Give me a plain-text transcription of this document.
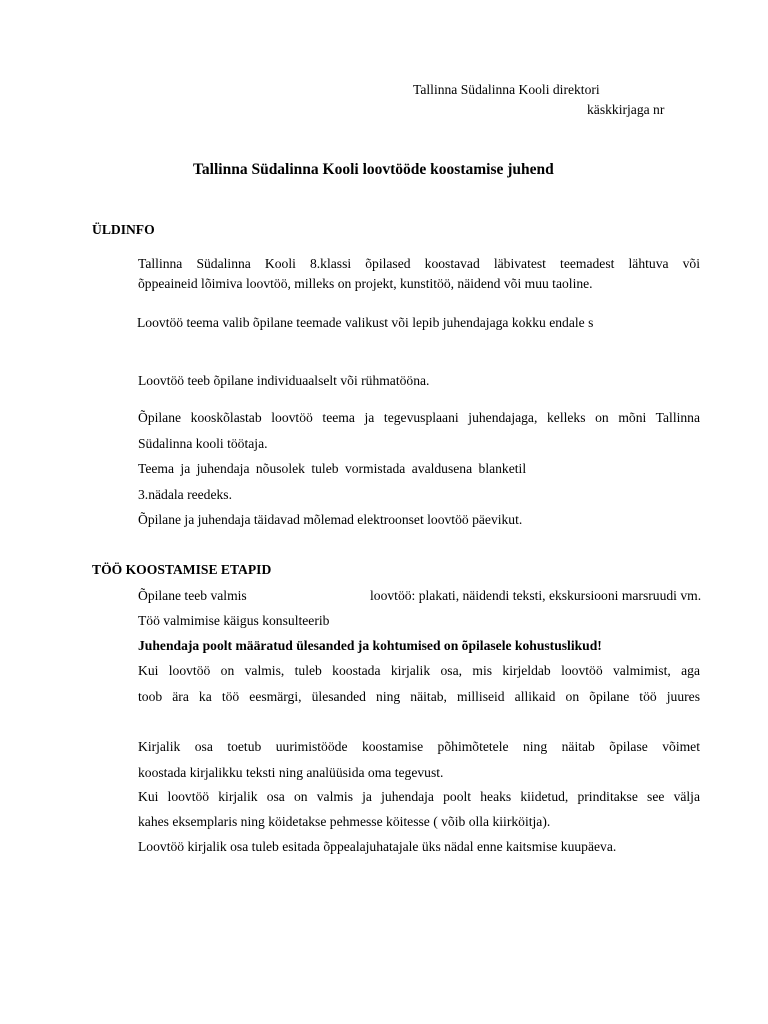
Tallinna Südalinna Kooli direktori
käskkirjaga nr
Tallinna Südalinna Kooli loovtööde koostamise juhend
ÜLDINFO
Tallinna Südalinna Kooli 8.klassi õpilased koostavad läbivatest teemadest lähtuva või
õppeaineid lõimiva loovtöö, milleks on projekt, kunstitöö, näidend või muu taoline.
Loovtöö teema valib õpilane teemade valikust või lepib juhendajaga kokku endale s
Loovtöö teeb õpilane individuaalselt või rühmatööna.
Õpilane kooskõlastab loovtöö teema ja tegevusplaani juhendajaga, kelleks on mõni Tallinna
Südalinna kooli töötaja.
Teema ja juhendaja nõusolek tuleb vormistada avaldusena blanketil
3.nädala reedeks.
Õpilane ja juhendaja täidavad mõlemad elektroonset loovtöö päevikut.
TÖÖ KOOSTAMISE ETAPID
Õpilane teeb valmis	loovtöö: plakati, näidendi teksti, ekskursiooni marsruudi vm.
Töö valmimise käigus konsulteerib
Juhendaja poolt määratud ülesanded ja kohtumised on õpilasele kohustuslikud!
Kui loovtöö on valmis, tuleb koostada kirjalik osa, mis kirjeldab loovtöö valmimist, aga
toob ära ka töö eesmärgi, ülesanded ning näitab, milliseid allikaid on õpilane töö juures
Kirjalik osa toetub uurimistööde koostamise põhimõtetele ning näitab õpilase võimet
koostada kirjalikku teksti ning analüüsida oma tegevust.
Kui loovtöö kirjalik osa on valmis ja juhendaja poolt heaks kiidetud, prinditakse see välja
kahes eksemplaris ning köidetakse pehmesse köitesse ( võib olla kiirköitja).
Loovtöö kirjalik osa tuleb esitada õppealajuhatajale üks nädal enne kaitsmise kuupäeva.
